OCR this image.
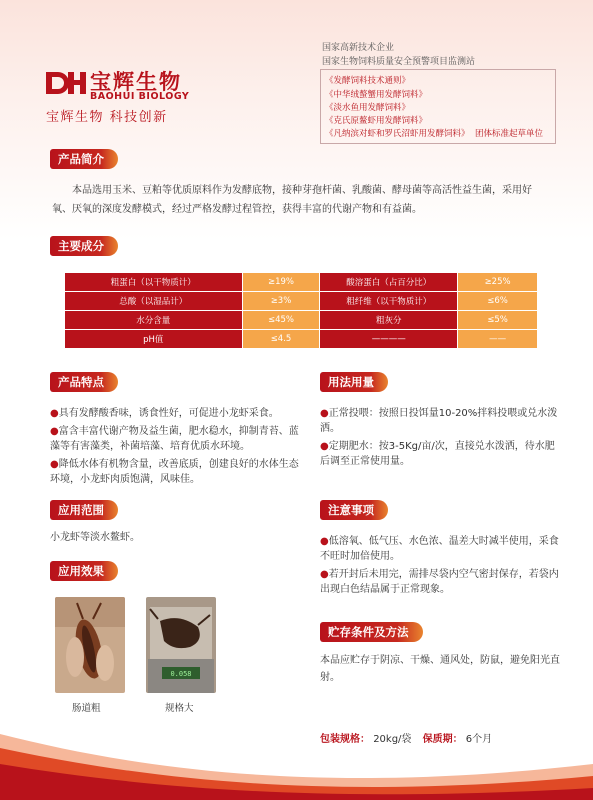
宝辉生物
BAOHUI BIOLOGY
宝辉生物 科技创新
国家高新技术企业
国家生物饲料质量安全预警项目监测站
《发酵饲料技术通则》
《中华绒螯蟹用发酵饲料》
《淡水鱼用发酵饲料》
《克氏原鳌虾用发酵饲料》
《凡纳滨对虾和罗氏沼虾用发酵饲料》 团体标准起草单位
产品简介
本品选用玉米、豆粕等优质原料作为发酵底物，接种芽孢杆菌、乳酸菌、酵母菌等高活性益生菌，采用好氧、厌氧的深度发酵模式，经过严格发酵过程管控，获得丰富的代谢产物和有益菌。
主要成分
粗蛋白（以干物质计）	≥19%	酸溶蛋白（占百分比）	≥25%
总酸（以湿品计）	≥3%	粗纤维（以干物质计）	≤6%
水分含量	≤45%	粗灰分	≤5%
pH值	≤4.5	————	——
产品特点
●具有发酵酸香味，诱食性好，可促进小龙虾采食。
●富含丰富代谢产物及益生菌，肥水稳水，抑制青苔、蓝藻等有害藻类，补菌培藻、培育优质水环境。
●降低水体有机物含量，改善底质，创建良好的水体生态环境，小龙虾肉质饱满，风味佳。
应用范围
小龙虾等淡水鳌虾。
应用效果
0.058
肠道粗	规格大
用法用量
●正常投喂：按照日投饵量10-20%拌料投喂或兑水泼洒。
●定期肥水：按3-5Kg/亩/次，直接兑水泼洒，待水肥后调至正常使用量。
注意事项
●低溶氧、低气压、水色浓、温差大时减半使用，采食不旺时加倍使用。
●若开封后未用完，需排尽袋内空气密封保存，若袋内出现白色结晶属于正常现象。
贮存条件及方法
本品应贮存于阴凉、干燥、通风处，防鼠，避免阳光直射。
包装规格： 20kg/袋 保质期： 6个月
